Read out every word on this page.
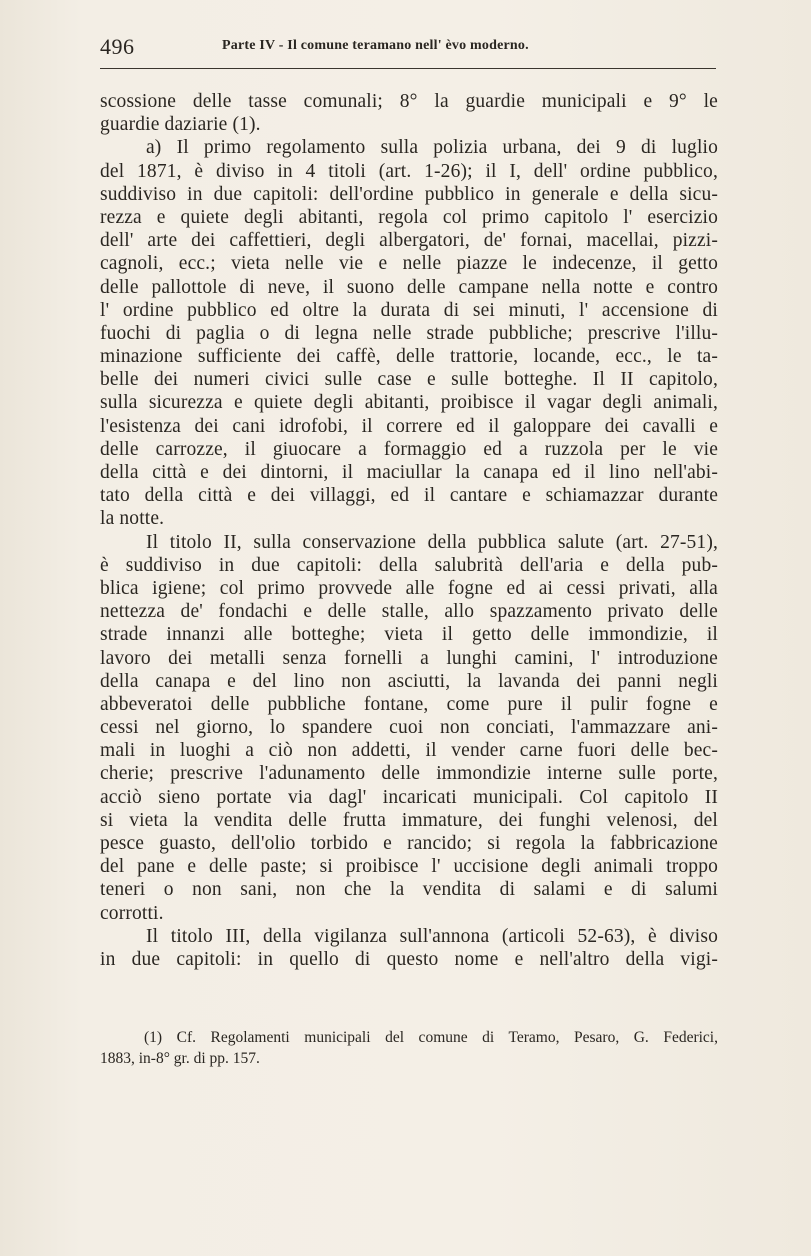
496	Parte IV - Il comune teramano nell' èvo moderno.
scossione delle tasse comunali; 8° la guardie municipali e 9° le
guardie daziarie (1).
a) Il primo regolamento sulla polizia urbana, dei 9 di luglio
del 1871, è diviso in 4 titoli (art. 1-26); il I, dell' ordine pubblico,
suddiviso in due capitoli: dell'ordine pubblico in generale e della sicu-
rezza e quiete degli abitanti, regola col primo capitolo l' esercizio
dell' arte dei caffettieri, degli albergatori, de' fornai, macellai, pizzi-
cagnoli, ecc.; vieta nelle vie e nelle piazze le indecenze, il getto
delle pallottole di neve, il suono delle campane nella notte e contro
l' ordine pubblico ed oltre la durata di sei minuti, l' accensione di
fuochi di paglia o di legna nelle strade pubbliche; prescrive l'illu-
minazione sufficiente dei caffè, delle trattorie, locande, ecc., le ta-
belle dei numeri civici sulle case e sulle botteghe. Il II capitolo,
sulla sicurezza e quiete degli abitanti, proibisce il vagar degli animali,
l'esistenza dei cani idrofobi, il correre ed il galoppare dei cavalli e
delle carrozze, il giuocare a formaggio ed a ruzzola per le vie
della città e dei dintorni, il maciullar la canapa ed il lino nell'abi-
tato della città e dei villaggi, ed il cantare e schiamazzar durante
la notte.
Il titolo II, sulla conservazione della pubblica salute (art. 27-51),
è suddiviso in due capitoli: della salubrità dell'aria e della pub-
blica igiene; col primo provvede alle fogne ed ai cessi privati, alla
nettezza de' fondachi e delle stalle, allo spazzamento privato delle
strade innanzi alle botteghe; vieta il getto delle immondizie, il
lavoro dei metalli senza fornelli a lunghi camini, l' introduzione
della canapa e del lino non asciutti, la lavanda dei panni negli
abbeveratoi delle pubbliche fontane, come pure il pulir fogne e
cessi nel giorno, lo spandere cuoi non conciati, l'ammazzare ani-
mali in luoghi a ciò non addetti, il vender carne fuori delle bec-
cherie; prescrive l'adunamento delle immondizie interne sulle porte,
acciò sieno portate via dagl' incaricati municipali. Col capitolo II
si vieta la vendita delle frutta immature, dei funghi velenosi, del
pesce guasto, dell'olio torbido e rancido; si regola la fabbricazione
del pane e delle paste; si proibisce l' uccisione degli animali troppo
teneri o non sani, non che la vendita di salami e di salumi
corrotti.
Il titolo III, della vigilanza sull'annona (articoli 52-63), è diviso
in due capitoli: in quello di questo nome e nell'altro della vigi-
(1) Cf. Regolamenti municipali del comune di Teramo, Pesaro, G. Federici,
1883, in-8° gr. di pp. 157.
